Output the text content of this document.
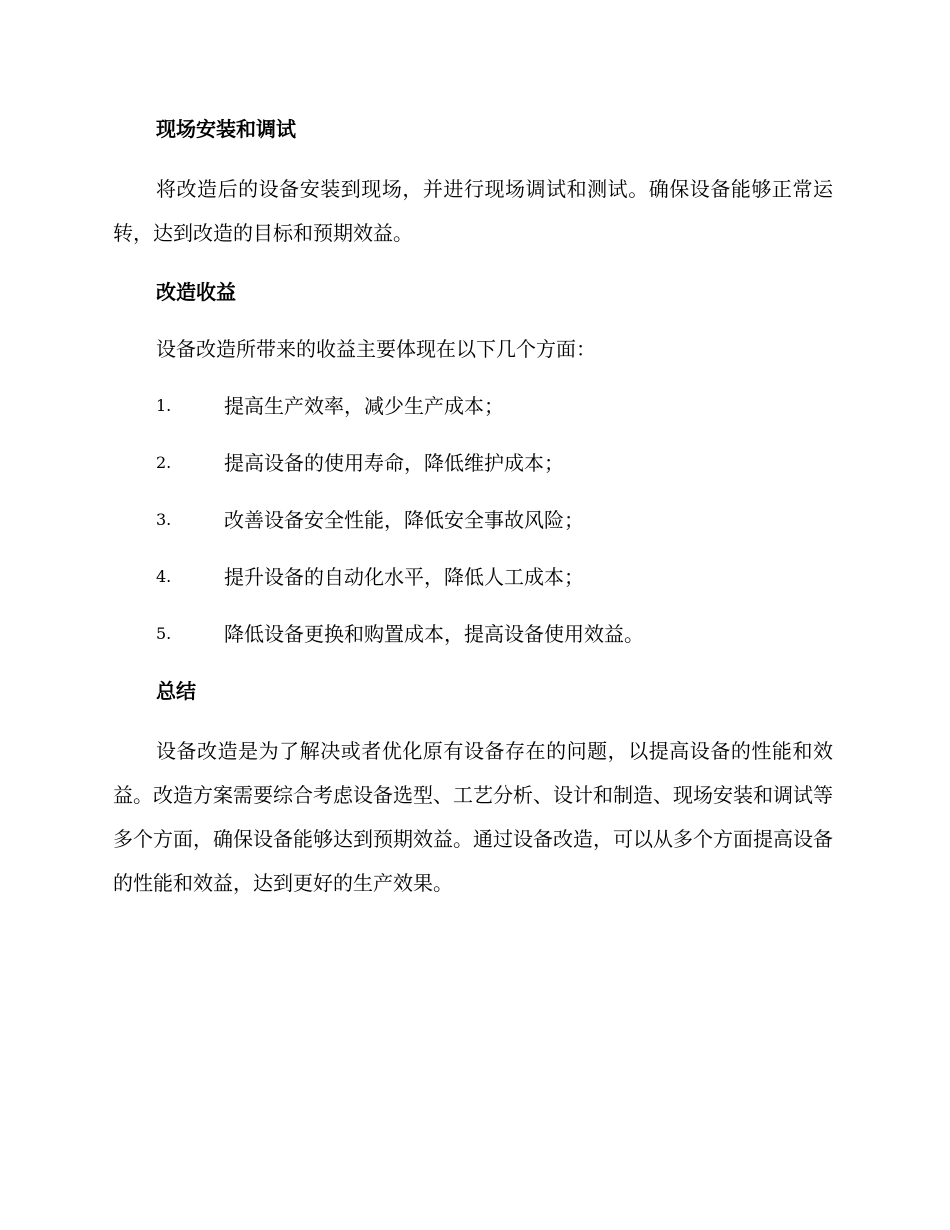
现场安装和调试

将改造后的设备安装到现场，并进行现场调试和测试。确保设备能够正常运转，达到改造的目标和预期效益。

改造收益

设备改造所带来的收益主要体现在以下几个方面：

1.	提高生产效率，减少生产成本；
2.	提高设备的使用寿命，降低维护成本；
3.	改善设备安全性能，降低安全事故风险；
4.	提升设备的自动化水平，降低人工成本；
5.	降低设备更换和购置成本，提高设备使用效益。
总结

设备改造是为了解决或者优化原有设备存在的问题，以提高设备的性能和效益。改造方案需要综合考虑设备选型、工艺分析、设计和制造、现场安装和调试等多个方面，确保设备能够达到预期效益。通过设备改造，可以从多个方面提高设备的性能和效益，达到更好的生产效果。
